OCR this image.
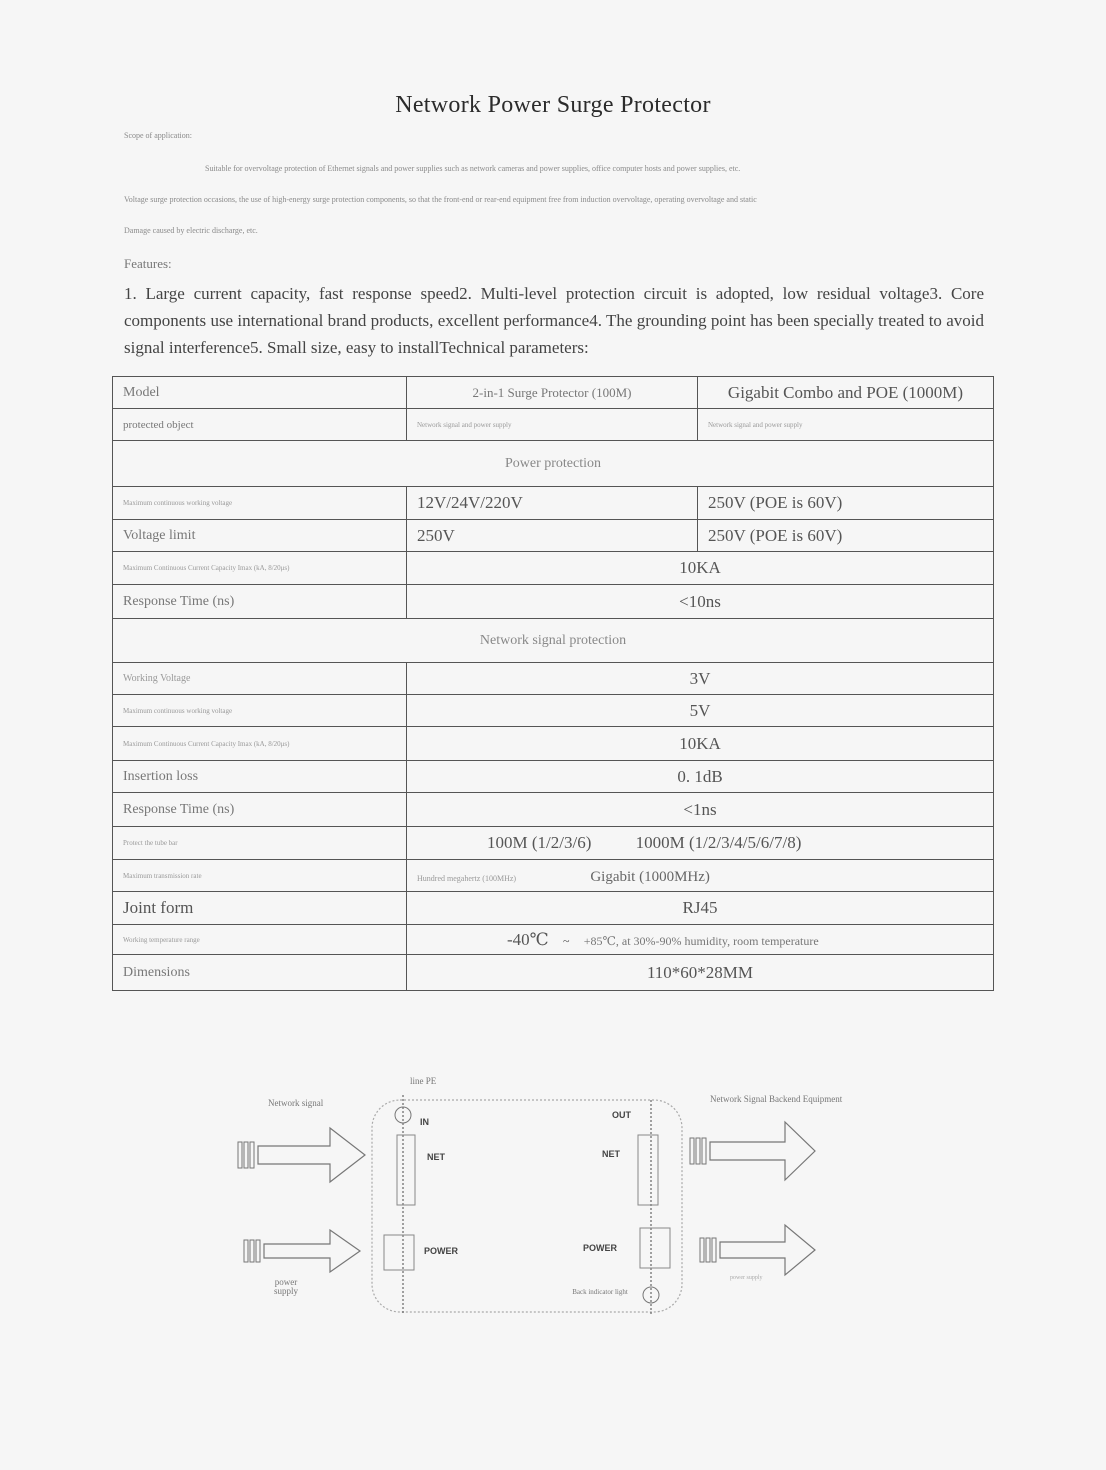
Network Power Surge Protector
Scope of application:
Suitable for overvoltage protection of Ethernet signals and power supplies such as network cameras and power supplies, office computer hosts and power supplies, etc.
Voltage surge protection occasions, the use of high-energy surge protection components, so that the front-end or rear-end equipment free from induction overvoltage, operating overvoltage and static
Damage caused by electric discharge, etc.
Features:
1. Large current capacity, fast response speed2. Multi-level protection circuit is adopted, low residual voltage3. Core components use international brand products, excellent performance4. The grounding point has been specially treated to avoid signal interference5. Small size, easy to installTechnical parameters:
Model	2-in-1 Surge Protector (100M)	Gigabit Combo and POE (1000M)
protected object	Network signal and power supply	Network signal and power supply
Power protection		
Maximum continuous working voltage	12V/24V/220V	250V (POE is 60V)
Voltage limit	250V	250V (POE is 60V)
Maximum Continuous Current Capacity Imax (kA, 8/20μs)	10KA	
Response Time (ns)	<10ns	
Network signal protection		
Working Voltage	3V	
Maximum continuous working voltage	5V	
Maximum Continuous Current Capacity Imax (kA, 8/20μs)	10KA	
Insertion loss	0. 1dB	
Response Time (ns)	<1ns	
Protect the tube bar	100M (1/2/3/6) 1000M (1/2/3/4/5/6/7/8)	
Maximum transmission rate	Hundred megahertz (100MHz) Gigabit (1000MHz)	
Joint form	RJ45	
Working temperature range	-40℃ ~ +85℃, at 30%-90% humidity, room temperature	
Dimensions	110*60*28MM	
line PE
Network signal
IN
OUT
NET	NET
POWER	POWER
power supply
Network Signal Backend Equipment
power supply
Back indicator light
